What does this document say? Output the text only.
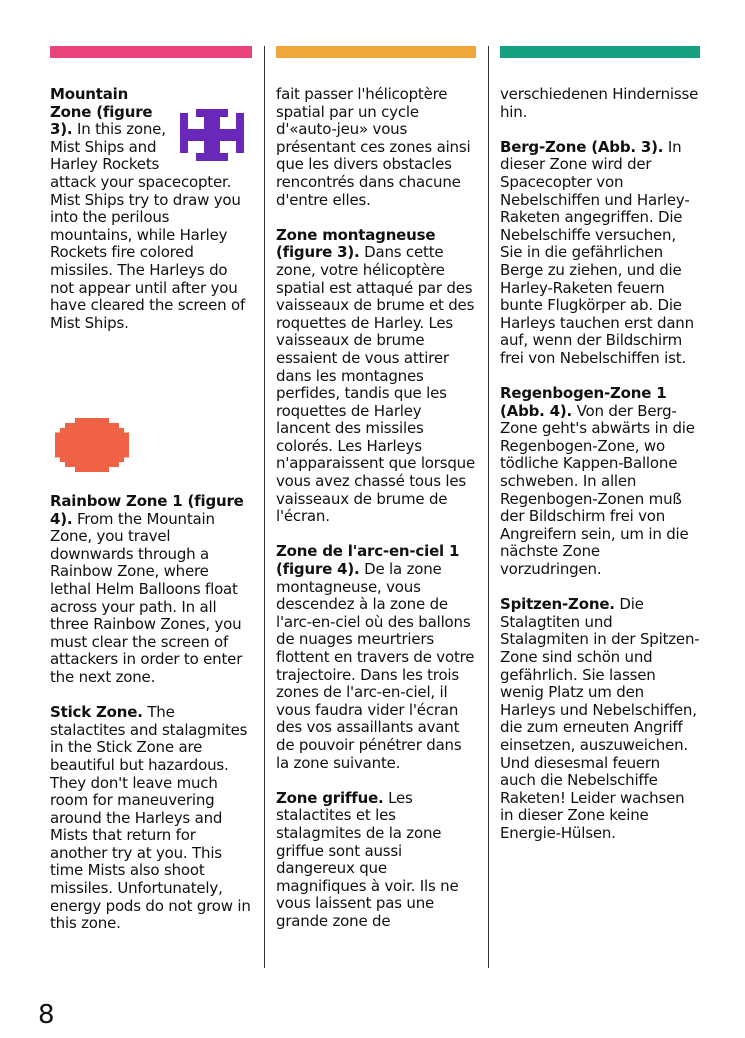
Mountain Zone (figure 3). In this zone, Mist Ships and Harley Rockets attack your spacecopter. Mist Ships try to draw you into the perilous mountains, while Harley Rockets fire colored missiles. The Harleys do not appear until after you have cleared the screen of Mist Ships.

Rainbow Zone 1 (figure 4). From the Mountain Zone, you travel downwards through a Rainbow Zone, where lethal Helm Balloons float across your path. In all three Rainbow Zones, you must clear the screen of attackers in order to enter the next zone.

Stick Zone. The stalactites and stalagmites in the Stick Zone are beautiful but hazardous. They don't leave much room for maneuvering around the Harleys and Mists that return for another try at you. This time Mists also shoot missiles. Unfortunately, energy pods do not grow in this zone.

fait passer l'hélicoptère spatial par un cycle d'«auto-jeu» vous présentant ces zones ainsi que les divers obstacles rencontrés dans chacune d'entre elles.

Zone montagneuse (figure 3). Dans cette zone, votre hélicoptère spatial est attaqué par des vaisseaux de brume et des roquettes de Harley. Les vaisseaux de brume essaient de vous attirer dans les montagnes perfides, tandis que les roquettes de Harley lancent des missiles colorés. Les Harleys n'apparaissent que lorsque vous avez chassé tous les vaisseaux de brume de l'écran.

Zone de l'arc-en-ciel 1 (figure 4). De la zone montagneuse, vous descendez à la zone de l'arc-en-ciel où des ballons de nuages meurtriers flottent en travers de votre trajectoire. Dans les trois zones de l'arc-en-ciel, il vous faudra vider l'écran des vos assaillants avant de pouvoir pénétrer dans la zone suivante.

Zone griffue. Les stalactites et les stalagmites de la zone griffue sont aussi dangereux que magnifiques à voir. Ils ne vous laissent pas une grande zone de

verschiedenen Hindernisse hin.

Berg-Zone (Abb. 3). In dieser Zone wird der Spacecopter von Nebelschiffen und Harley-Raketen angegriffen. Die Nebelschiffe versuchen, Sie in die gefährlichen Berge zu ziehen, und die Harley-Raketen feuern bunte Flugkörper ab. Die Harleys tauchen erst dann auf, wenn der Bildschirm frei von Nebelschiffen ist.

Regenbogen-Zone 1 (Abb. 4). Von der Berg-Zone geht's abwärts in die Regenbogen-Zone, wo tödliche Kappen-Ballone schweben. In allen Regenbogen-Zonen muß der Bildschirm frei von Angreifern sein, um in die nächste Zone vorzudringen.

Spitzen-Zone. Die Stalagtiten und Stalagmiten in der Spitzen-Zone sind schön und gefährlich. Sie lassen wenig Platz um den Harleys und Nebelschiffen, die zum erneuten Angriff einsetzen, auszuweichen. Und diesesmal feuern auch die Nebelschiffe Raketen! Leider wachsen in dieser Zone keine Energie-Hülsen.

8
